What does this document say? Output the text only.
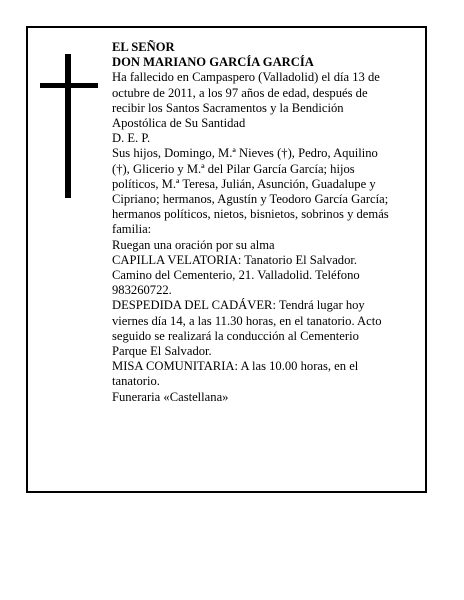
EL SEÑOR

DON MARIANO GARCÍA GARCÍA

Ha fallecido en Campaspero (Valladolid) el día 13 de octubre de 2011, a los 97 años de edad, después de recibir los Santos Sacramentos y la Bendición Apostólica de Su Santidad

D. E. P.

Sus hijos, Domingo, M.ª Nieves (†), Pedro, Aquilino (†), Glicerio y M.ª del Pilar García García; hijos políticos, M.ª Teresa, Julián, Asunción, Guadalupe y Cipriano; hermanos, Agustín y Teodoro García García; hermanos políticos, nietos, bisnietos, sobrinos y demás familia:

Ruegan una oración por su alma

CAPILLA VELATORIA: Tanatorio El Salvador. Camino del Cementerio, 21. Valladolid. Teléfono 983260722.

DESPEDIDA DEL CADÁVER: Tendrá lugar hoy viernes día 14, a las 11.30 horas, en el tanatorio. Acto seguido se realizará la conducción al Cementerio Parque El Salvador.

MISA COMUNITARIA: A las 10.00 horas, en el tanatorio.

Funeraria «Castellana»
